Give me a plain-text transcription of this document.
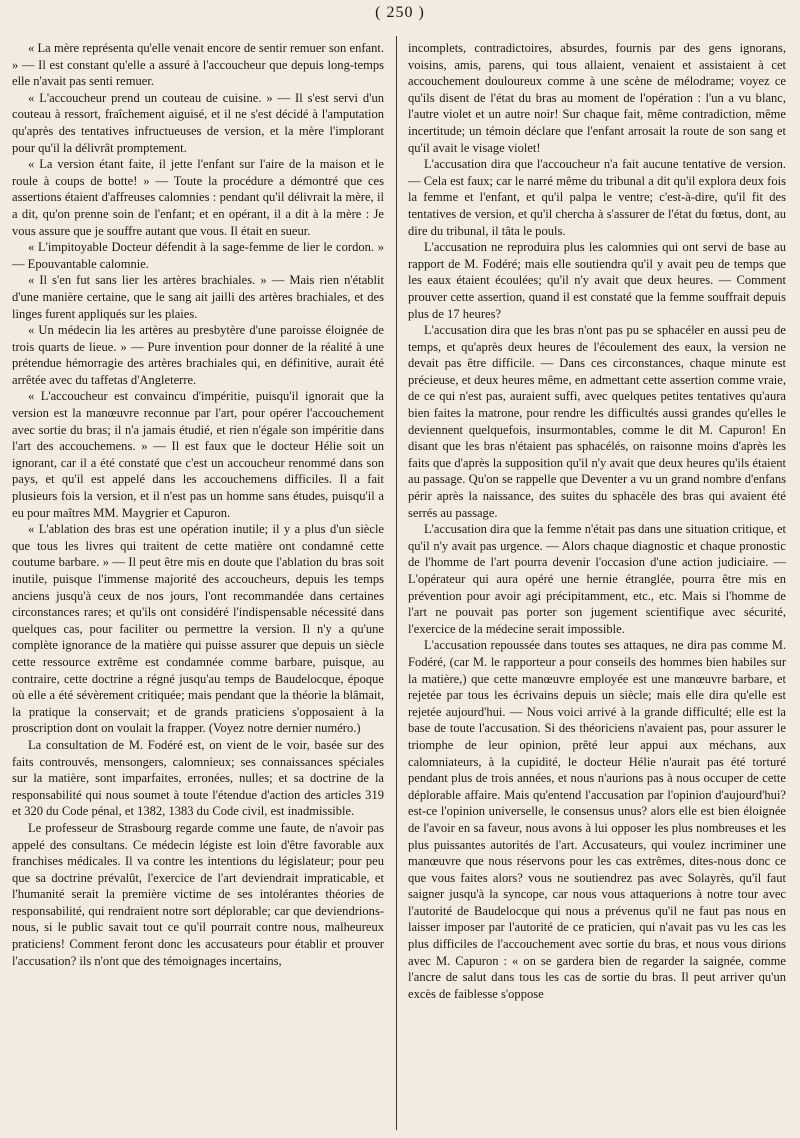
( 250 )

« La mère représenta qu'elle venait encore de sentir remuer son enfant. » — Il est constant qu'elle a assuré à l'accoucheur que depuis long-temps elle n'avait pas senti remuer.

« L'accoucheur prend un couteau de cuisine. » — Il s'est servi d'un couteau à ressort, fraîchement aiguisé, et il ne s'est décidé à l'amputation qu'après des tentatives infructueuses de version, et la mère l'implorant pour qu'il la délivrât promptement.

« La version étant faite, il jette l'enfant sur l'aire de la maison et le roule à coups de botte! » — Toute la procédure a démontré que ces assertions étaient d'affreuses calomnies : pendant qu'il délivrait la mère, il a dit, qu'on prenne soin de l'enfant; et en opérant, il a dit à la mère : Je vous assure que je souffre autant que vous. Il était en sueur.

« L'impitoyable Docteur défendit à la sage-femme de lier le cordon. » — Epouvantable calomnie.

« Il s'en fut sans lier les artères brachiales. » — Mais rien n'établit d'une manière certaine, que le sang ait jailli des artères brachiales, et des linges furent appliqués sur les plaies.

« Un médecin lia les artères au presbytère d'une paroisse éloignée de trois quarts de lieue. » — Pure invention pour donner de la réalité à une prétendue hémorragie des artères brachiales qui, en définitive, aurait été arrêtée avec du taffetas d'Angleterre.

« L'accoucheur est convaincu d'impéritie, puisqu'il ignorait que la version est la manœuvre reconnue par l'art, pour opérer l'accouchement avec sortie du bras; il n'a jamais étudié, et rien n'égale son impéritie dans l'art des accouchemens. » — Il est faux que le docteur Hélie soit un ignorant, car il a été constaté que c'est un accoucheur renommé dans son pays, et qu'il est appelé dans les accouchemens difficiles. Il a fait plusieurs fois la version, et il n'est pas un homme sans études, puisqu'il a eu pour maîtres MM. Maygrier et Capuron.

« L'ablation des bras est une opération inutile; il y a plus d'un siècle que tous les livres qui traitent de cette matière ont condamné cette coutume barbare. » — Il peut être mis en doute que l'ablation du bras soit inutile, puisque l'immense majorité des accoucheurs, depuis les temps anciens jusqu'à ceux de nos jours, l'ont recommandée dans certaines circonstances rares; et qu'ils ont considéré l'indispensable nécessité dans quelques cas, pour faciliter ou permettre la version. Il n'y a qu'une complète ignorance de la matière qui puisse assurer que depuis un siècle cette ressource extrême est condamnée comme barbare, puisque, au contraire, cette doctrine a régné jusqu'au temps de Baudelocque, époque où elle a été sévèrement critiquée; mais pendant que la théorie la blâmait, la pratique la conservait; et de grands praticiens s'opposaient à la proscription dont on voulait la frapper. (Voyez notre dernier numéro.)

La consultation de M. Fodéré est, on vient de le voir, basée sur des faits controuvés, mensongers, calomnieux; ses connaissances spéciales sur la matière, sont imparfaites, erronées, nulles; et sa doctrine de la responsabilité qui nous soumet à toute l'étendue d'action des articles 319 et 320 du Code pénal, et 1382, 1383 du Code civil, est inadmissible.

Le professeur de Strasbourg regarde comme une faute, de n'avoir pas appelé des consultans. Ce médecin légiste est loin d'être favorable aux franchises médicales. Il va contre les intentions du législateur; pour peu que sa doctrine prévalût, l'exercice de l'art deviendrait impraticable, et l'humanité serait la première victime de ses intolérantes théories de responsabilité, qui rendraient notre sort déplorable; car que deviendrions-nous, si le public savait tout ce qu'il pourrait contre nous, malheureux praticiens! Comment feront donc les accusateurs pour établir et prouver l'accusation? ils n'ont que des témoignages incertains,

incomplets, contradictoires, absurdes, fournis par des gens ignorans, voisins, amis, parens, qui tous allaient, venaient et assistaient à cet accouchement douloureux comme à une scène de mélodrame; voyez ce qu'ils disent de l'état du bras au moment de l'opération : l'un a vu blanc, l'autre violet et un autre noir! Sur chaque fait, même contradiction, même incertitude; un témoin déclare que l'enfant arrosait la route de son sang et qu'il avait le visage violet!

L'accusation dira que l'accoucheur n'a fait aucune tentative de version. — Cela est faux; car le narré même du tribunal a dit qu'il explora deux fois la femme et l'enfant, et qu'il palpa le ventre; c'est-à-dire, qu'il fit des tentatives de version, et qu'il chercha à s'assurer de l'état du fœtus, dont, au dire du tribunal, il tâta le pouls.

L'accusation ne reproduira plus les calomnies qui ont servi de base au rapport de M. Fodéré; mais elle soutiendra qu'il y avait peu de temps que les eaux étaient écoulées; qu'il n'y avait que deux heures. — Comment prouver cette assertion, quand il est constaté que la femme souffrait depuis plus de 17 heures?

L'accusation dira que les bras n'ont pas pu se sphacéler en aussi peu de temps, et qu'après deux heures de l'écoulement des eaux, la version ne devait pas être difficile. — Dans ces circonstances, chaque minute est précieuse, et deux heures même, en admettant cette assertion comme vraie, de ce qui n'est pas, auraient suffi, avec quelques petites tentatives qu'aura bien faites la matrone, pour rendre les difficultés aussi grandes qu'elles le deviennent quelquefois, insurmontables, comme le dit M. Capuron! En disant que les bras n'étaient pas sphacélés, on raisonne moins d'après les faits que d'après la supposition qu'il n'y avait que deux heures qu'ils étaient au passage. Qu'on se rappelle que Deventer a vu un grand nombre d'enfans périr après la naissance, des suites du sphacèle des bras qui avaient été serrés au passage.

L'accusation dira que la femme n'était pas dans une situation critique, et qu'il n'y avait pas urgence. — Alors chaque diagnostic et chaque pronostic de l'homme de l'art pourra devenir l'occasion d'une action judiciaire. — L'opérateur qui aura opéré une hernie étranglée, pourra être mis en prévention pour avoir agi précipitamment, etc., etc. Mais si l'homme de l'art ne pouvait pas porter son jugement scientifique avec sécurité, l'exercice de la médecine serait impossible.

L'accusation repoussée dans toutes ses attaques, ne dira pas comme M. Fodéré, (car M. le rapporteur a pour conseils des hommes bien habiles sur la matière,) que cette manœuvre employée est une manœuvre barbare, et rejetée par tous les écrivains depuis un siècle; mais elle dira qu'elle est rejetée aujourd'hui. — Nous voici arrivé à la grande difficulté; elle est la base de toute l'accusation. Si des théoriciens n'avaient pas, pour assurer le triomphe de leur opinion, prêté leur appui aux méchans, aux calomniateurs, à la cupidité, le docteur Hélie n'aurait pas été torturé pendant plus de trois années, et nous n'aurions pas à nous occuper de cette déplorable affaire. Mais qu'entend l'accusation par l'opinion d'aujourd'hui? est-ce l'opinion universelle, le consensus unus? alors elle est bien éloignée de l'avoir en sa faveur, nous avons à lui opposer les plus nombreuses et les plus puissantes autorités de l'art. Accusateurs, qui voulez incriminer une manœuvre que nous réservons pour les cas extrêmes, dites-nous donc ce que vous faites alors? vous ne soutiendrez pas avec Solayrès, qu'il faut saigner jusqu'à la syncope, car nous vous attaquerions à notre tour avec l'autorité de Baudelocque qui nous a prévenus qu'il ne faut pas nous en laisser imposer par l'autorité de ce praticien, qui n'avait pas vu les cas les plus difficiles de l'accouchement avec sortie du bras, et nous vous dirions avec M. Capuron : « on se gardera bien de regarder la saignée, comme l'ancre de salut dans tous les cas de sortie du bras. Il peut arriver qu'un excès de faiblesse s'oppose
